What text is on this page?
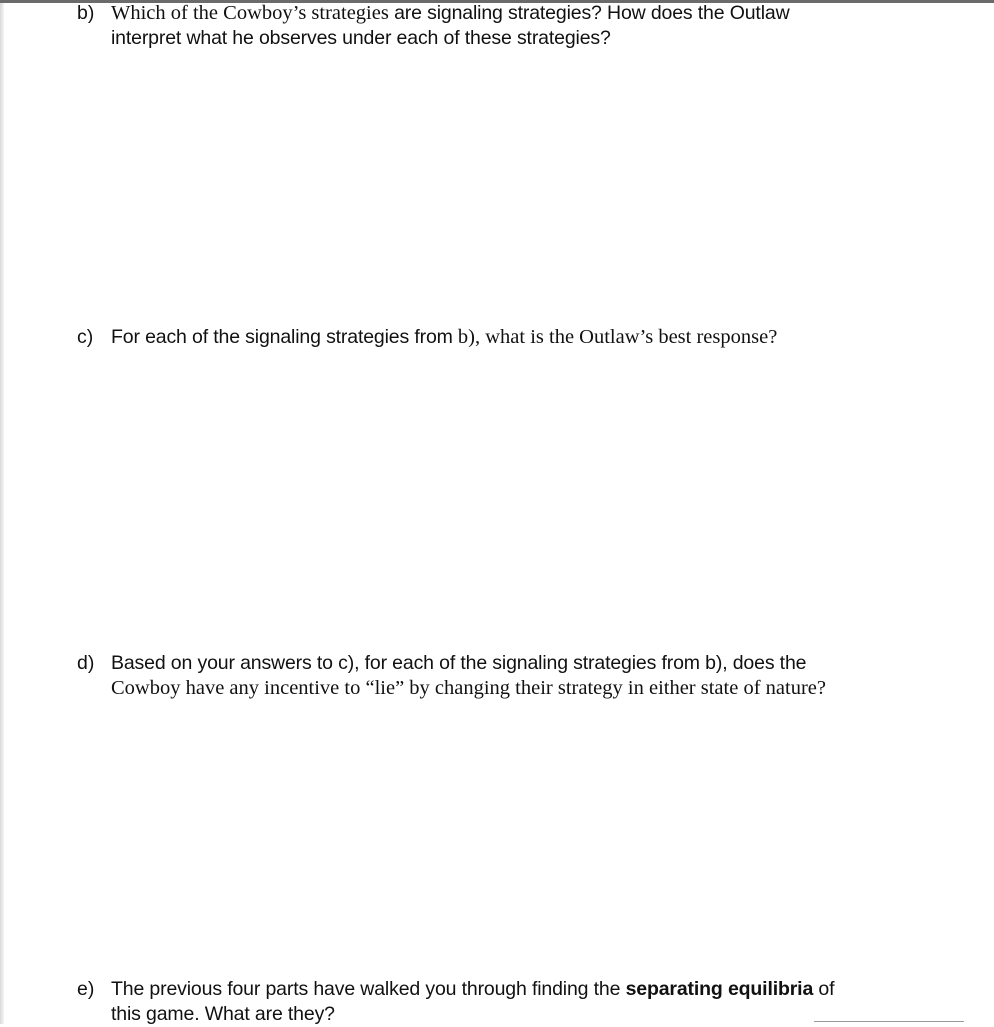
b) Which of the Cowboy’s strategies are signaling strategies? How does the Outlaw
interpret what he observes under each of these strategies?
c) For each of the signaling strategies from b), what is the Outlaw’s best response?
d) Based on your answers to c), for each of the signaling strategies from b), does the
Cowboy have any incentive to “lie” by changing their strategy in either state of nature?
e) The previous four parts have walked you through finding the separating equilibria of
this game. What are they?
